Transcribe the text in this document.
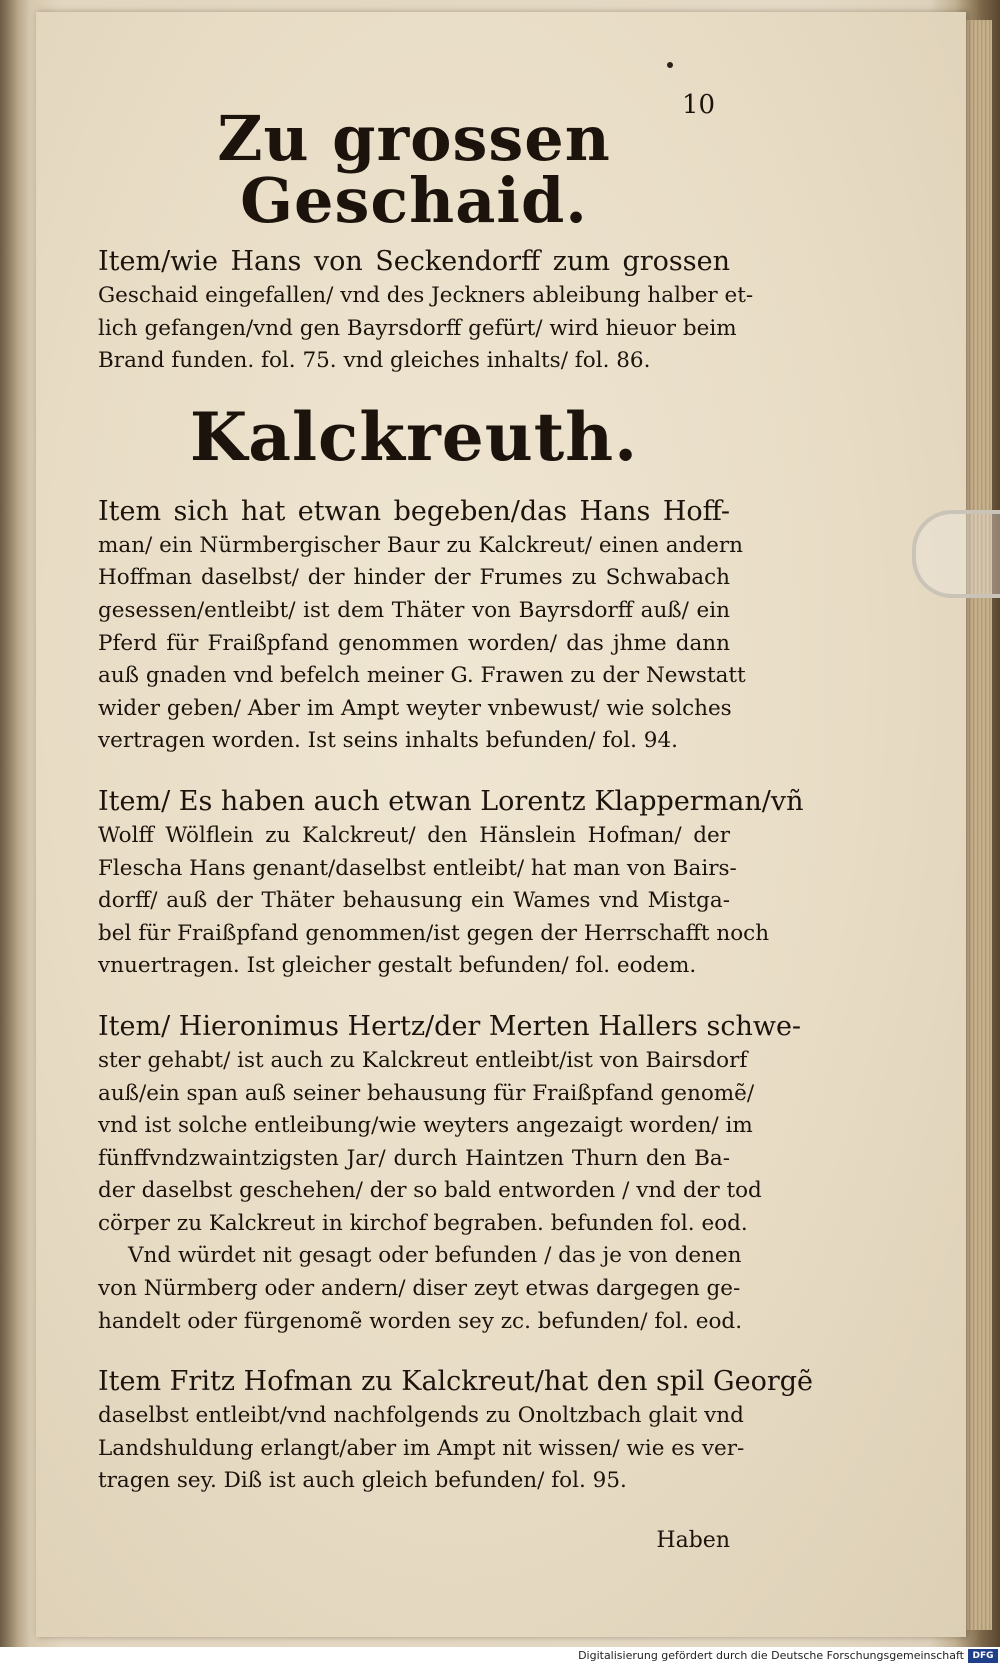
10
Zu grossen Geschaid.
Item/wie Hans von Seckendorff zum grossen
Geschaid eingefallen/ vnd des Jeckners ableibung halber et-
lich gefangen/vnd gen Bayrsdorff gefürt/ wird hieuor beim
Brand funden. fol. 75. vnd gleiches inhalts/ fol. 86.
Kalckreuth.
Item sich hat etwan begeben/das Hans Hoff-
man/ ein Nürmbergischer Baur zu Kalckreut/ einen andern
Hoffman daselbst/ der hinder der Frumes zu Schwabach
gesessen/entleibt/ ist dem Thäter von Bayrsdorff auß/ ein
Pferd für Fraißpfand genommen worden/ das jhme dann
auß gnaden vnd befelch meiner G. Frawen zu der Newstatt
wider geben/ Aber im Ampt weyter vnbewust/ wie solches
vertragen worden. Ist seins inhalts befunden/ fol. 94.
Item/ Es haben auch etwan Lorentz Klapperman/vñ
Wolff Wölflein zu Kalckreut/ den Hänslein Hofman/ der
Flescha Hans genant/daselbst entleibt/ hat man von Bairs-
dorff/ auß der Thäter behausung ein Wames vnd Mistga-
bel für Fraißpfand genommen/ist gegen der Herrschafft noch
vnuertragen. Ist gleicher gestalt befunden/ fol. eodem.
Item/ Hieronimus Hertz/der Merten Hallers schwe-
ster gehabt/ ist auch zu Kalckreut entleibt/ist von Bairsdorf
auß/ein span auß seiner behausung für Fraißpfand genomẽ/
vnd ist solche entleibung/wie weyters angezaigt worden/ im
fünffvndzwaintzigsten Jar/ durch Haintzen Thurn den Ba-
der daselbst geschehen/ der so bald entworden / vnd der tod
cörper zu Kalckreut in kirchof begraben. befunden fol. eod.
Vnd würdet nit gesagt oder befunden / das je von denen
von Nürmberg oder andern/ diser zeyt etwas dargegen ge-
handelt oder fürgenomẽ worden sey zc. befunden/ fol. eod.
Item Fritz Hofman zu Kalckreut/hat den spil Georgẽ
daselbst entleibt/vnd nachfolgends zu Onoltzbach glait vnd
Landshuldung erlangt/aber im Ampt nit wissen/ wie es ver-
tragen sey. Diß ist auch gleich befunden/ fol. 95.
Haben
Digitalisierung gefördert durch die Deutsche Forschungsgemeinschaft DFG
